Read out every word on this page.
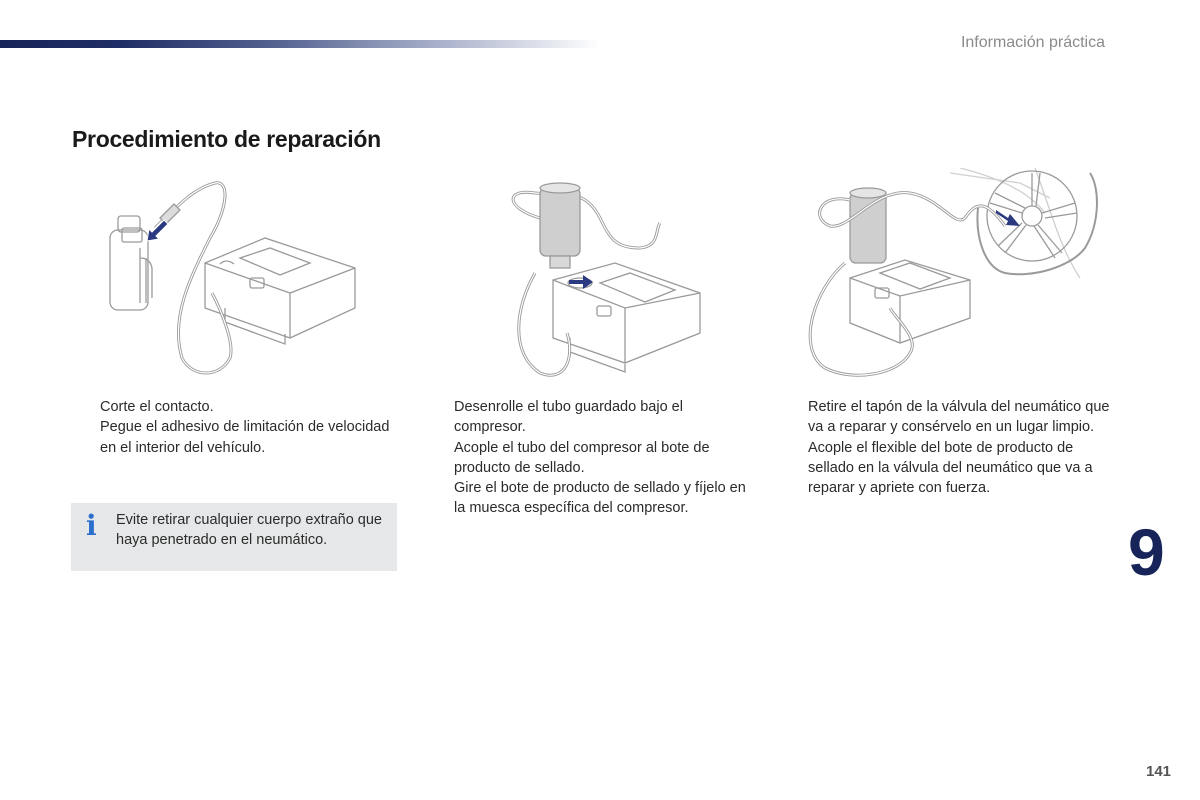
Información práctica
Procedimiento de reparación
Corte el contacto.
Pegue el adhesivo de limitación de velocidad en el interior del vehículo.
Desenrolle el tubo guardado bajo el compresor.
Acople el tubo del compresor al bote de producto de sellado.
Gire el bote de producto de sellado y fíjelo en la muesca específica del compresor.
Retire el tapón de la válvula del neumático que va a reparar y consérvelo en un lugar limpio.
Acople el flexible del bote de producto de sellado en la válvula del neumático que va a reparar y apriete con fuerza.
i Evite retirar cualquier cuerpo extraño que haya penetrado en el neumático.	9
141
